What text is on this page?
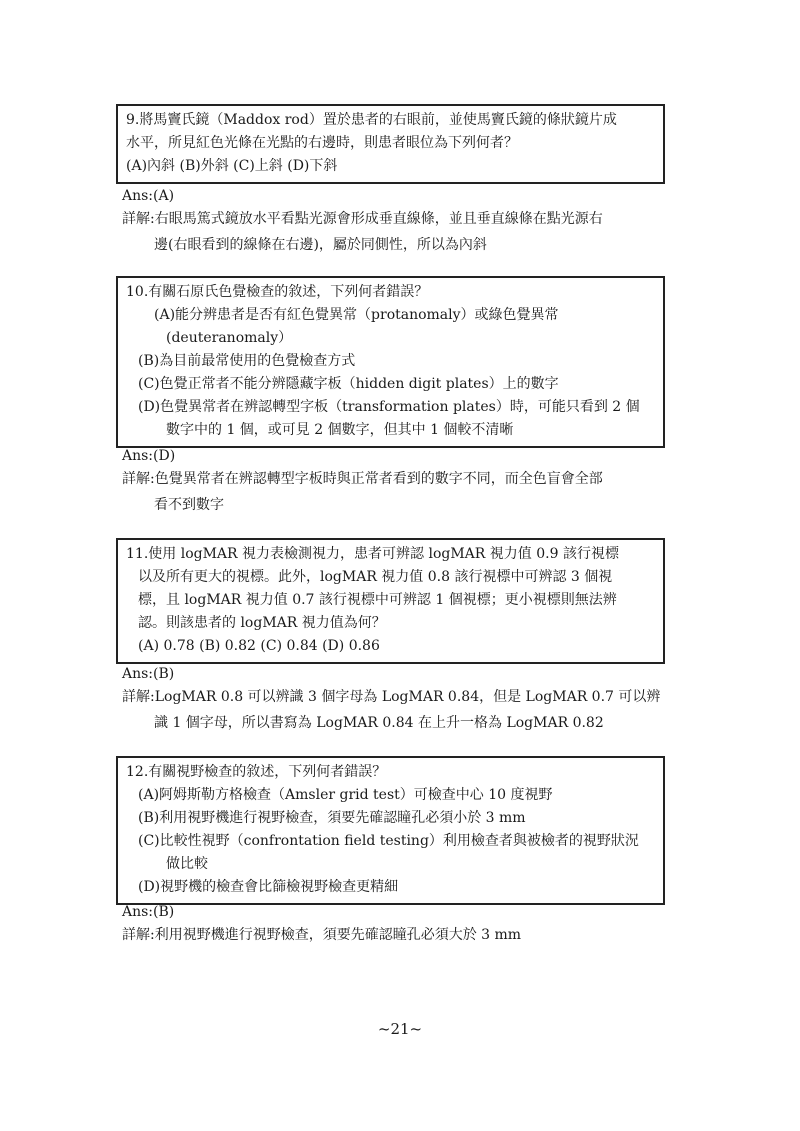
9.將馬竇氏鏡（Maddox rod）置於患者的右眼前，並使馬竇氏鏡的條狀鏡片成
水平，所見紅色光條在光點的右邊時，則患者眼位為下列何者？
(A)內斜 (B)外斜 (C)上斜 (D)下斜
Ans:(A)
詳解:右眼馬篤式鏡放水平看點光源會形成垂直線條，並且垂直線條在點光源右
邊(右眼看到的線條在右邊)，屬於同側性，所以為內斜
10.有關石原氏色覺檢查的敘述，下列何者錯誤？
(A)能分辨患者是否有紅色覺異常（protanomaly）或綠色覺異常
(deuteranomaly）
(B)為目前最常使用的色覺檢查方式
(C)色覺正常者不能分辨隱藏字板（hidden digit plates）上的數字
(D)色覺異常者在辨認轉型字板（transformation plates）時，可能只看到 2 個
數字中的 1 個，或可見 2 個數字，但其中 1 個較不清晰
Ans:(D)
詳解:色覺異常者在辨認轉型字板時與正常者看到的數字不同，而全色盲會全部
看不到數字
11.使用 logMAR 視力表檢測視力，患者可辨認 logMAR 視力值 0.9 該行視標
以及所有更大的視標。此外，logMAR 視力值 0.8 該行視標中可辨認 3 個視
標，且 logMAR 視力值 0.7 該行視標中可辨認 1 個視標；更小視標則無法辨
認。則該患者的 logMAR 視力值為何？
(A) 0.78 (B) 0.82 (C) 0.84 (D) 0.86
Ans:(B)
詳解:LogMAR 0.8 可以辨識 3 個字母為 LogMAR 0.84，但是 LogMAR 0.7 可以辨
識 1 個字母，所以書寫為 LogMAR 0.84 在上升一格為 LogMAR 0.82
12.有關視野檢查的敘述，下列何者錯誤？
(A)阿姆斯勒方格檢查（Amsler grid test）可檢查中心 10 度視野
(B)利用視野機進行視野檢查，須要先確認瞳孔必須小於 3 mm
(C)比較性視野（confrontation field testing）利用檢查者與被檢者的視野狀況
做比較
(D)視野機的檢查會比篩檢視野檢查更精細
Ans:(B)
詳解:利用視野機進行視野檢查，須要先確認瞳孔必須大於 3 mm
~21~
